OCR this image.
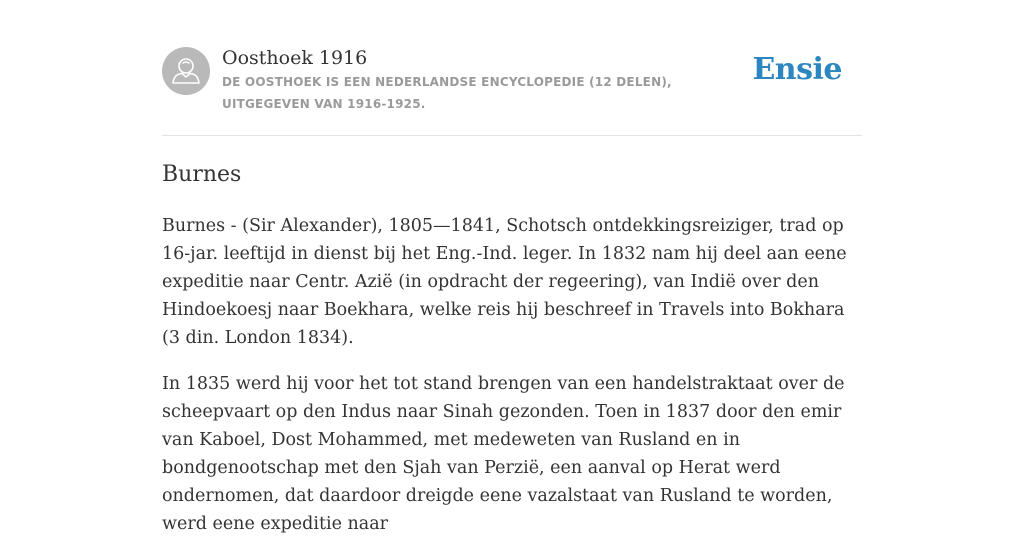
Oosthoek 1916
DE OOSTHOEK IS EEN NEDERLANDSE ENCYCLOPEDIE (12 DELEN), UITGEGEVEN VAN 1916-1925.
Ensie
Burnes

Burnes - (Sir Alexander), 1805—1841, Schotsch ontdekkingsreiziger, trad op 16-jar. leeftijd in dienst bij het Eng.-Ind. leger. In 1832 nam hij deel aan eene expeditie naar Centr. Azië (in opdracht der regeering), van Indië over den Hindoekoesj naar Boekhara, welke reis hij beschreef in Travels into Bokhara (3 din. London 1834).

In 1835 werd hij voor het tot stand brengen van een handelstraktaat over de scheepvaart op den Indus naar Sinah gezonden. Toen in 1837 door den emir van Kaboel, Dost Mohammed, met medeweten van Rusland en in bondgenootschap met den Sjah van Perzië, een aanval op Herat werd ondernomen, dat daardoor dreigde eene vazalstaat van Rusland te worden, werd eene expeditie naar
